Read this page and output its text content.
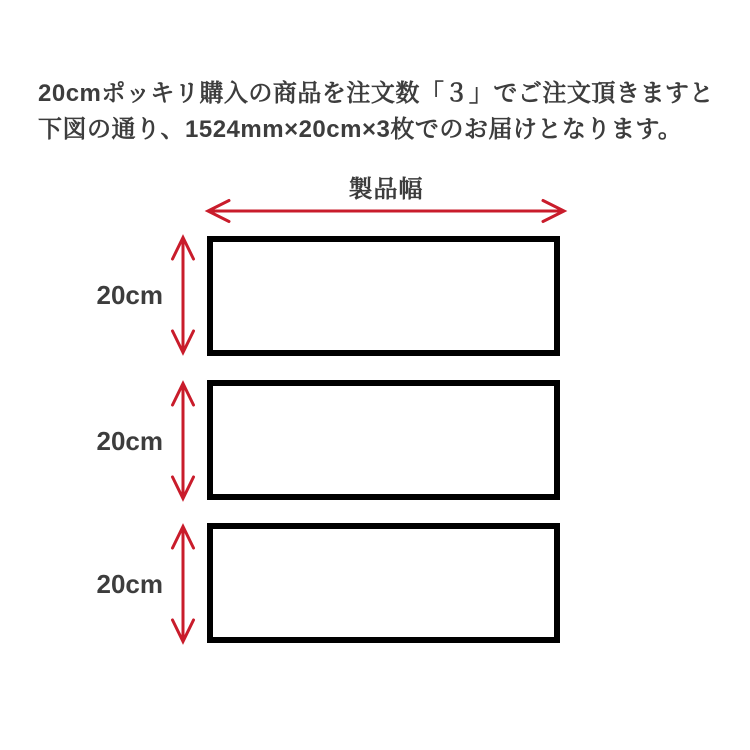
20cmポッキリ購入の商品を注文数「３」でご注文頂きますと
下図の通り、1524mm×20cm×3枚でのお届けとなります。
製品幅
20cm
20cm
20cm
